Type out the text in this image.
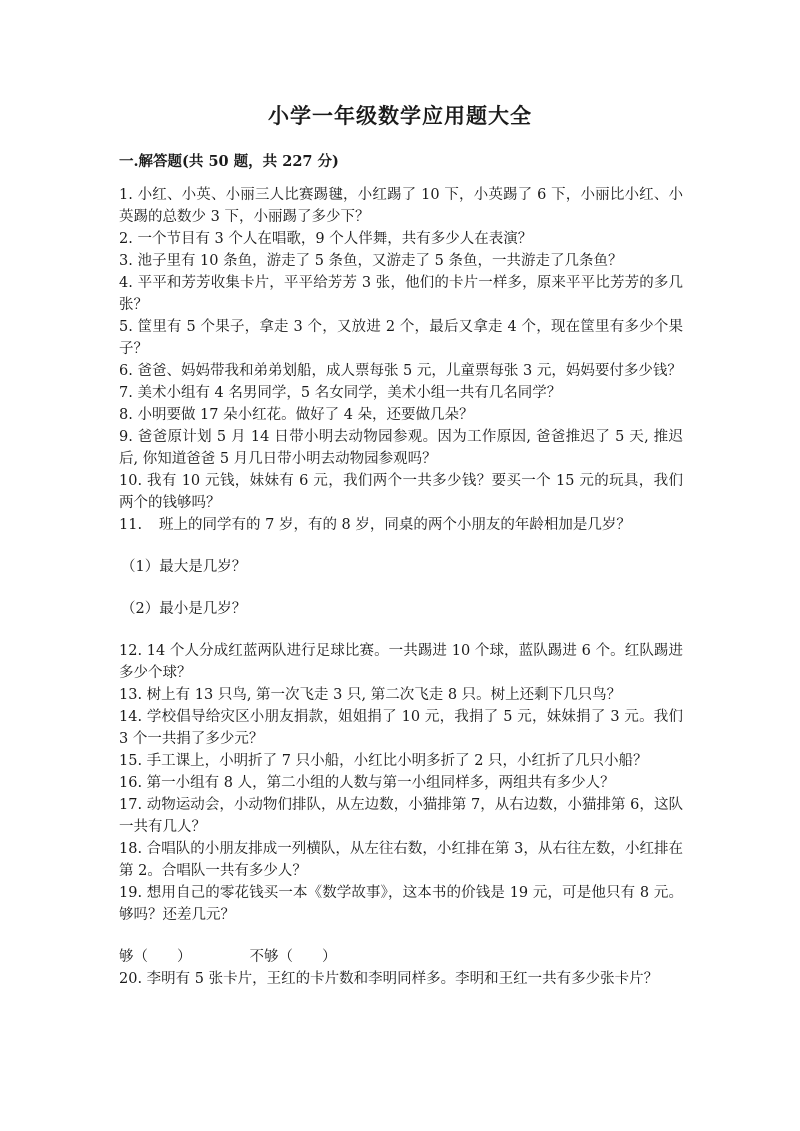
小学一年级数学应用题大全
一.解答题(共 50 题，共 227 分)

1. 小红、小英、小丽三人比赛踢毽，小红踢了 10 下，小英踢了 6 下，小丽比小红、小英踢的总数少 3 下，小丽踢了多少下？

2. 一个节目有 3 个人在唱歌，9 个人伴舞，共有多少人在表演？

3. 池子里有 10 条鱼，游走了 5 条鱼，又游走了 5 条鱼，一共游走了几条鱼？

4. 平平和芳芳收集卡片，平平给芳芳 3 张，他们的卡片一样多，原来平平比芳芳的多几张？

5. 筐里有 5 个果子，拿走 3 个，又放进 2 个，最后又拿走 4 个，现在筐里有多少个果子？

6. 爸爸、妈妈带我和弟弟划船，成人票每张 5 元，儿童票每张 3 元，妈妈要付多少钱？

7. 美术小组有 4 名男同学，5 名女同学，美术小组一共有几名同学？

8. 小明要做 17 朵小红花。做好了 4 朵，还要做几朵？

9. 爸爸原计划 5 月 14 日带小明去动物园参观。因为工作原因, 爸爸推迟了 5 天, 推迟后, 你知道爸爸 5 月几日带小明去动物园参观吗？

10. 我有 10 元钱，妹妹有 6 元，我们两个一共多少钱？要买一个 15 元的玩具，我们两个的钱够吗？

11. 班上的同学有的 7 岁，有的 8 岁，同桌的两个小朋友的年龄相加是几岁？

（1）最大是几岁？

（2）最小是几岁？

12. 14 个人分成红蓝两队进行足球比赛。一共踢进 10 个球，蓝队踢进 6 个。红队踢进多少个球？

13. 树上有 13 只鸟, 第一次飞走 3 只, 第二次飞走 8 只。树上还剩下几只鸟？

14. 学校倡导给灾区小朋友捐款，姐姐捐了 10 元，我捐了 5 元，妹妹捐了 3 元。我们 3 个一共捐了多少元？

15. 手工课上，小明折了 7 只小船，小红比小明多折了 2 只，小红折了几只小船？

16. 第一小组有 8 人，第二小组的人数与第一小组同样多，两组共有多少人？

17. 动物运动会，小动物们排队，从左边数，小猫排第 7，从右边数，小猫排第 6，这队一共有几人？

18. 合唱队的小朋友排成一列横队，从左往右数，小红排在第 3，从右往左数，小红排在第 2。合唱队一共有多少人？

19. 想用自己的零花钱买一本《数学故事》，这本书的价钱是 19 元，可是他只有 8 元。够吗？还差几元？

够（　　）	不够（　　）

20. 李明有 5 张卡片，王红的卡片数和李明同样多。李明和王红一共有多少张卡片？
